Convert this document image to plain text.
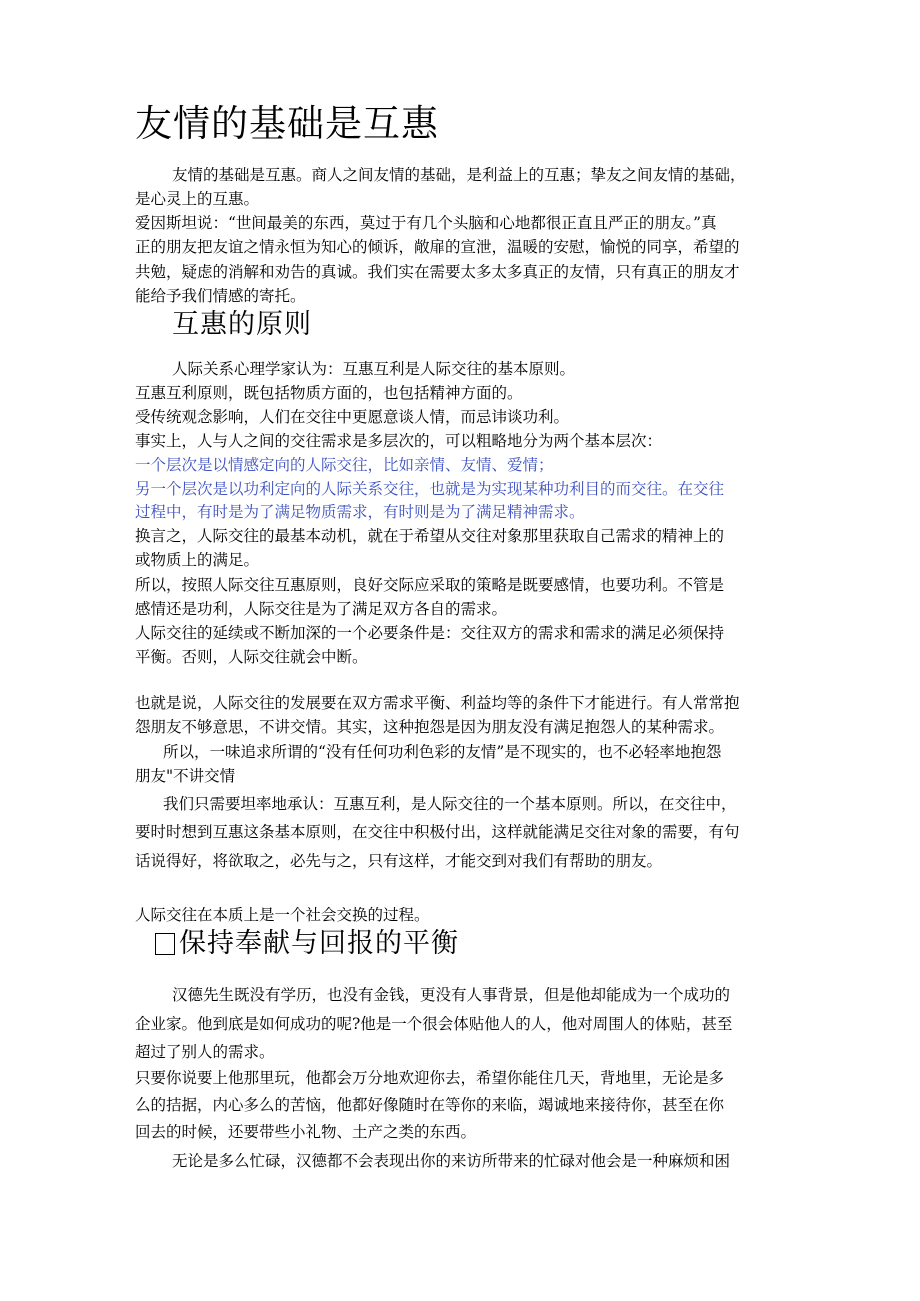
友情的基础是互惠

友情的基础是互惠。商人之间友情的基础，是利益上的互惠；挚友之间友情的基础，

是心灵上的互惠。

爱因斯坦说：“世间最美的东西，莫过于有几个头脑和心地都很正直且严正的朋友。”真

正的朋友把友谊之情永恒为知心的倾诉，敞扉的宣泄，温暖的安慰，愉悦的同享，希望的

共勉，疑虑的消解和劝告的真诚。我们实在需要太多太多真正的友情，只有真正的朋友才

能给予我们情感的寄托。

互惠的原则

人际关系心理学家认为：互惠互利是人际交往的基本原则。

互惠互利原则，既包括物质方面的，也包括精神方面的。

受传统观念影响，人们在交往中更愿意谈人情，而忌讳谈功利。

事实上，人与人之间的交往需求是多层次的，可以粗略地分为两个基本层次：

一个层次是以情感定向的人际交往，比如亲情、友情、爱情；

另一个层次是以功利定向的人际关系交往，也就是为实现某种功利目的而交往。在交往

过程中，有时是为了满足物质需求，有时则是为了满足精神需求。

换言之，人际交往的最基本动机，就在于希望从交往对象那里获取自己需求的精神上的

或物质上的满足。

所以，按照人际交往互惠原则，良好交际应采取的策略是既要感情，也要功利。不管是

感情还是功利，人际交往是为了满足双方各自的需求。

人际交往的延续或不断加深的一个必要条件是：交往双方的需求和需求的满足必须保持

平衡。否则，人际交往就会中断。

也就是说，人际交往的发展要在双方需求平衡、利益均等的条件下才能进行。有人常常抱

怨朋友不够意思，不讲交情。其实，这种抱怨是因为朋友没有满足抱怨人的某种需求。

所以，一味追求所谓的“没有任何功利色彩的友情”是不现实的，也不必轻率地抱怨

朋友"不讲交情

我们只需要坦率地承认：互惠互利，是人际交往的一个基本原则。所以，在交往中，

要时时想到互惠这条基本原则，在交往中积极付出，这样就能满足交往对象的需要，有句

话说得好，将欲取之，必先与之，只有这样，才能交到对我们有帮助的朋友。

人际交往在本质上是一个社会交换的过程。

保持奉献与回报的平衡

汉德先生既没有学历，也没有金钱，更没有人事背景，但是他却能成为一个成功的

企业家。他到底是如何成功的呢?他是一个很会体贴他人的人，他对周围人的体贴，甚至

超过了别人的需求。

只要你说要上他那里玩，他都会万分地欢迎你去，希望你能住几天，背地里，无论是多

么的拮据，内心多么的苦恼，他都好像随时在等你的来临，竭诚地来接待你，甚至在你

回去的时候，还要带些小礼物、土产之类的东西。

无论是多么忙碌，汉德都不会表现出你的来访所带来的忙碌对他会是一种麻烦和困
